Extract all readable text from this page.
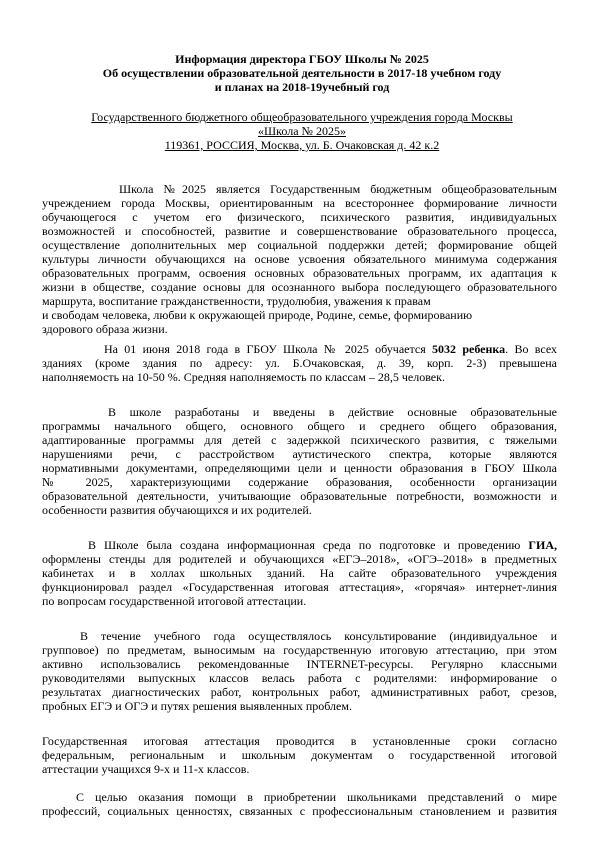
Информация директора ГБОУ Школы № 2025
Об осуществлении образовательной деятельности в 2017-18 учебном году
и планах на 2018-19учебный год
Государственного бюджетного общеобразовательного учреждения города Москвы
«Школа № 2025»
119361, РОССИЯ, Москва, ул. Б. Очаковская д. 42 к.2
Школа №2025 является Государственным бюджетным общеобразовательным
учреждением города Москвы, ориентированным на всестороннее формирование личности
обучающегося с учетом его физического, психического развития, индивидуальных
возможностей и способностей, развитие и совершенствование образовательного процесса,
осуществление дополнительных мер социальной поддержки детей; формирование общей
культуры личности обучающихся на основе усвоения обязательного минимума содержания
образовательных программ, освоения основных образовательных программ, их адаптация к
жизни в обществе, создание основы для осознанного выбора последующего образовательного
маршрута, воспитание гражданственности, трудолюбия, уважения к правам
и свободам человека, любви к окружающей природе, Родине, семье, формированию
здорового образа жизни.
На 01 июня 2018 года в ГБОУ Школа № 2025 обучается 5032 ребенка. Во всех
зданиях (кроме здания по адресу: ул. Б.Очаковская, д. 39, корп. 2-3) превышена
наполняемость на 10-50 %. Средняя наполняемость по классам – 28,5 человек.
В школе разработаны и введены в действие основные образовательные
программы начального общего, основного общего и среднего общего образования,
адаптированные программы для детей с задержкой психического развития, с тяжелыми
нарушениями речи, с расстройством аутистического спектра, которые являются
нормативными документами, определяющими цели и ценности образования в ГБОУ Школа
№ 2025, характеризующими содержание образования, особенности организации
образовательной деятельности, учитывающие образовательные потребности, возможности и
особенности развития обучающихся и их родителей.
В Школе была создана информационная среда по подготовке и проведению ГИА,
оформлены стенды для родителей и обучающихся «ЕГЭ–2018», «ОГЭ–2018» в предметных
кабинетах и в холлах школьных зданий. На сайте образовательного учреждения
функционировал раздел «Государственная итоговая аттестация», «горячая» интернет-линия
по вопросам государственной итоговой аттестации.
В течение учебного года осуществлялось консультирование (индивидуальное и
групповое) по предметам, выносимым на государственную итоговую аттестацию, при этом
активно использовались рекомендованные INTERNET-ресурсы. Регулярно классными
руководителями выпускных классов велась работа с родителями: информирование о
результатах диагностических работ, контрольных работ, административных работ, срезов,
пробных ЕГЭ и ОГЭ и путях решения выявленных проблем.
Государственная итоговая аттестация проводится в установленные сроки согласно
федеральным, региональным и школьным документам о государственной итоговой
аттестации учащихся 9-х и 11-х классов.
С целью оказания помощи в приобретении школьниками представлений о мире
профессий, социальных ценностях, связанных с профессиональным становлением и развития
